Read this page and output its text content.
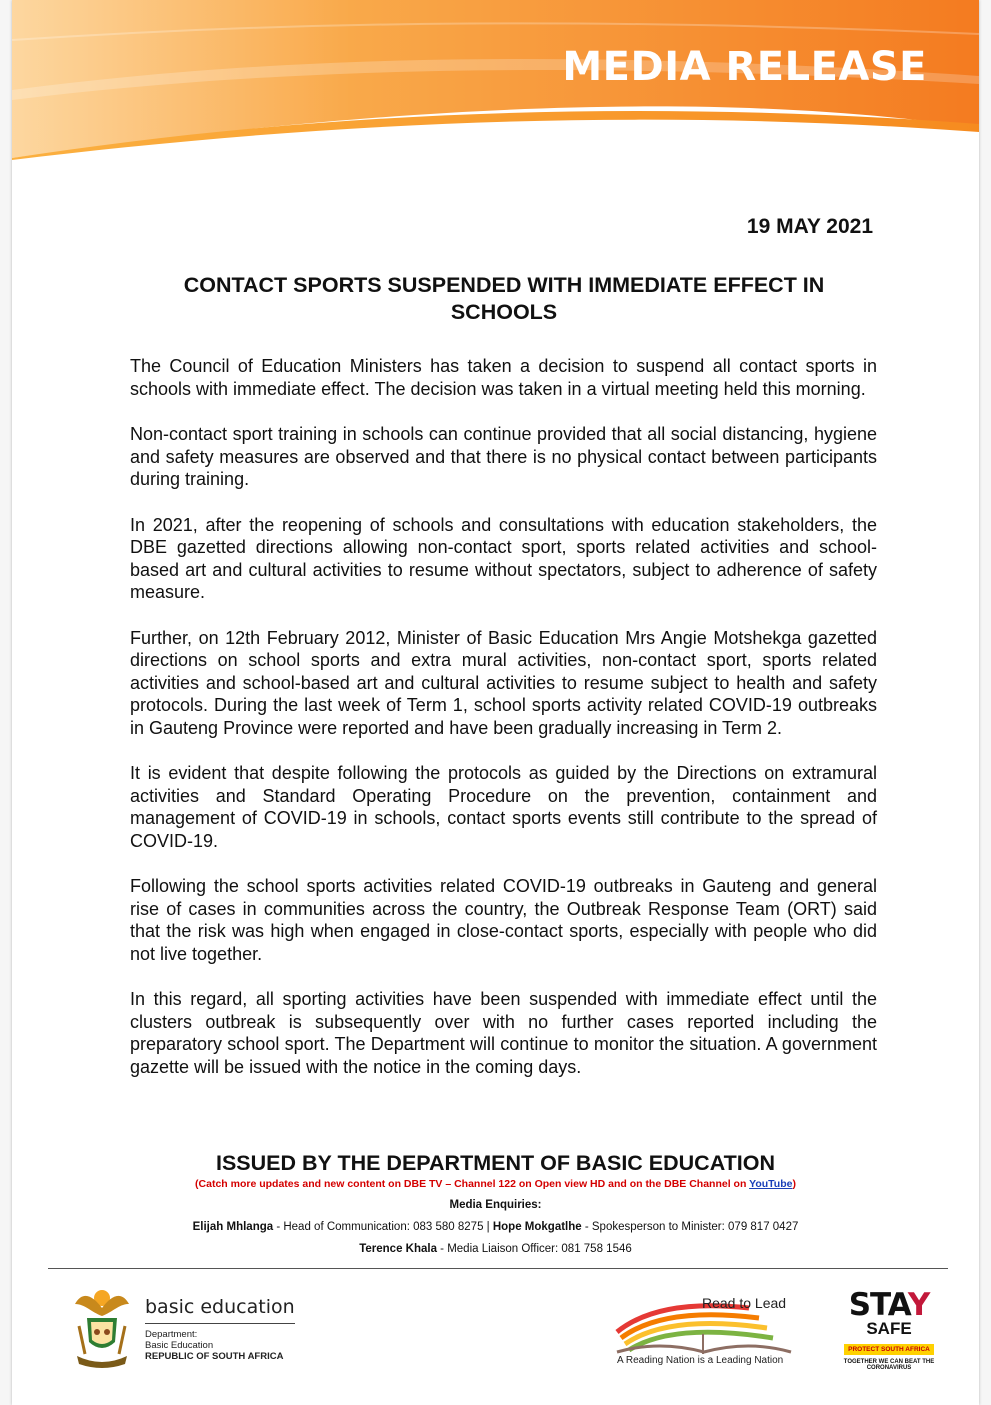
MEDIA RELEASE
19 MAY 2021
CONTACT SPORTS SUSPENDED WITH IMMEDIATE EFFECT IN SCHOOLS

The Council of Education Ministers has taken a decision to suspend all contact sports in schools with immediate effect. The decision was taken in a virtual meeting held this morning.

Non-contact sport training in schools can continue provided that all social distancing, hygiene and safety measures are observed and that there is no physical contact between participants during training.

In 2021, after the reopening of schools and consultations with education stakeholders, the DBE gazetted directions allowing non-contact sport, sports related activities and school-based art and cultural activities to resume without spectators, subject to adherence of safety measure.

Further, on 12th February 2012, Minister of Basic Education Mrs Angie Motshekga gazetted directions on school sports and extra mural activities, non-contact sport, sports related activities and school-based art and cultural activities to resume subject to health and safety protocols. During the last week of Term 1, school sports activity related COVID-19 outbreaks in Gauteng Province were reported and have been gradually increasing in Term 2.

It is evident that despite following the protocols as guided by the Directions on extramural activities and Standard Operating Procedure on the prevention, containment and management of COVID-19 in schools, contact sports events still contribute to the spread of COVID-19.

Following the school sports activities related COVID-19 outbreaks in Gauteng and general rise of cases in communities across the country, the Outbreak Response Team (ORT) said that the risk was high when engaged in close-contact sports, especially with people who did not live together.

In this regard, all sporting activities have been suspended with immediate effect until the clusters outbreak is subsequently over with no further cases reported including the preparatory school sport. The Department will continue to monitor the situation. A government gazette will be issued with the notice in the coming days.

ISSUED BY THE DEPARTMENT OF BASIC EDUCATION
(Catch more updates and new content on DBE TV – Channel 122 on Open view HD and on the DBE Channel on YouTube)
Media Enquiries:
Elijah Mhlanga - Head of Communication: 083 580 8275 | Hope Mokgatlhe - Spokesperson to Minister: 079 817 0427
Terence Khala - Media Liaison Officer: 081 758 1546
basic education
Department:
Basic Education
REPUBLIC OF SOUTH AFRICA
Read to Lead
A Reading Nation is a Leading Nation
STAY
SAFE
PROTECT SOUTH AFRICA
TOGETHER WE CAN BEAT THE CORONAVIRUS
